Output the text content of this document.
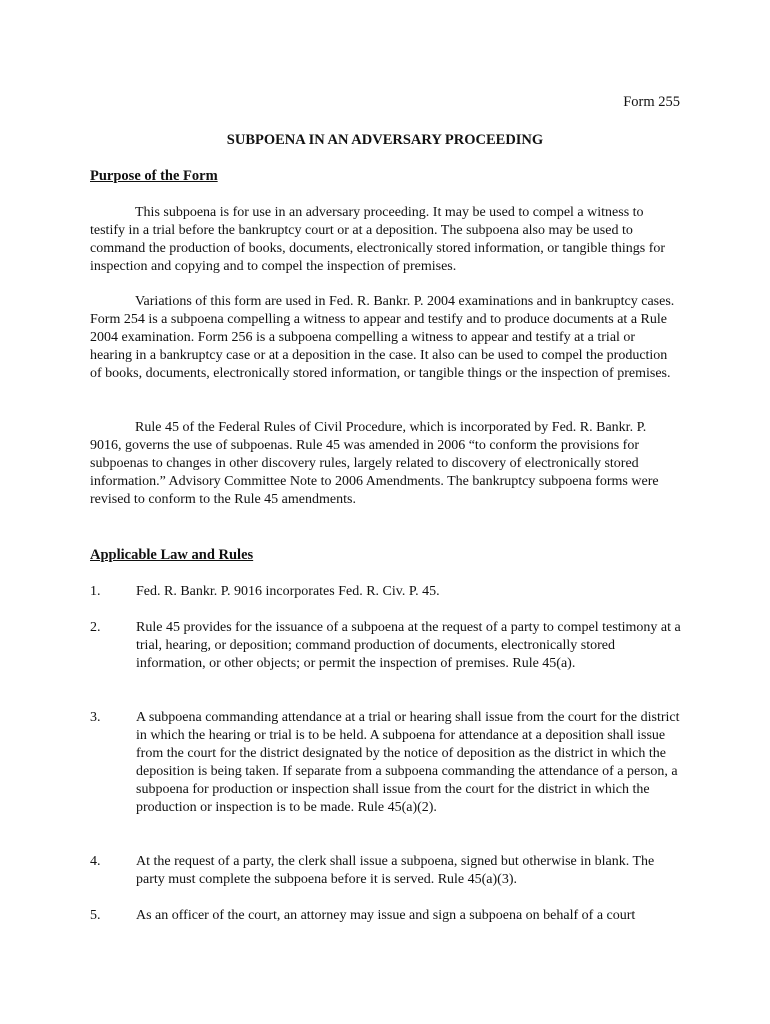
Form 255
SUBPOENA IN AN ADVERSARY PROCEEDING
Purpose of the Form

This subpoena is for use in an adversary proceeding. It may be used to compel a witness to testify in a trial before the bankruptcy court or at a deposition. The subpoena also may be used to command the production of books, documents, electronically stored information, or tangible things for inspection and copying and to compel the inspection of premises.

Variations of this form are used in Fed. R. Bankr. P. 2004 examinations and in bankruptcy cases. Form 254 is a subpoena compelling a witness to appear and testify and to produce documents at a Rule 2004 examination. Form 256 is a subpoena compelling a witness to appear and testify at a trial or hearing in a bankruptcy case or at a deposition in the case. It also can be used to compel the production of books, documents, electronically stored information, or tangible things or the inspection of premises.

Rule 45 of the Federal Rules of Civil Procedure, which is incorporated by Fed. R. Bankr. P. 9016, governs the use of subpoenas. Rule 45 was amended in 2006 “to conform the provisions for subpoenas to changes in other discovery rules, largely related to discovery of electronically stored information.” Advisory Committee Note to 2006 Amendments. The bankruptcy subpoena forms were revised to conform to the Rule 45 amendments.

Applicable Law and Rules
1.	Fed. R. Bankr. P. 9016 incorporates Fed. R. Civ. P. 45.
2.	Rule 45 provides for the issuance of a subpoena at the request of a party to compel testimony at a trial, hearing, or deposition; command production of documents, electronically stored information, or other objects; or permit the inspection of premises. Rule 45(a).
3.	A subpoena commanding attendance at a trial or hearing shall issue from the court for the district in which the hearing or trial is to be held. A subpoena for attendance at a deposition shall issue from the court for the district designated by the notice of deposition as the district in which the deposition is being taken. If separate from a subpoena commanding the attendance of a person, a subpoena for production or inspection shall issue from the court for the district in which the production or inspection is to be made. Rule 45(a)(2).
4.	At the request of a party, the clerk shall issue a subpoena, signed but otherwise in blank. The party must complete the subpoena before it is served. Rule 45(a)(3).
5.	As an officer of the court, an attorney may issue and sign a subpoena on behalf of a court
